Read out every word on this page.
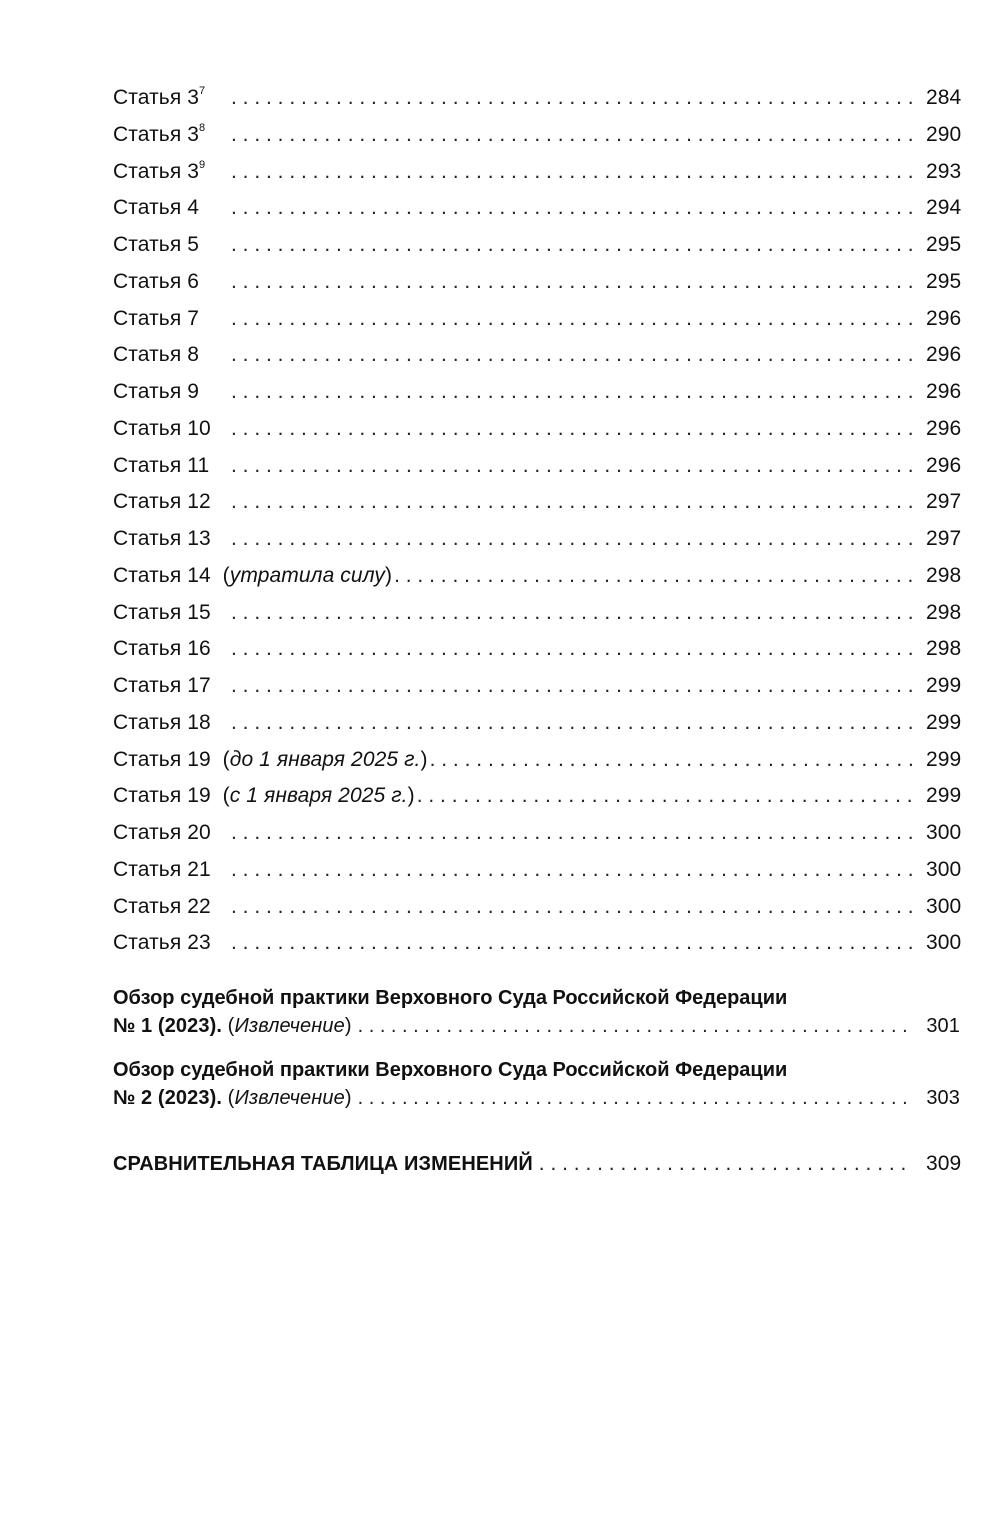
Статья $3^7$ . . .	284
Статья $3^8$ . . .	290
Статья $3^9$ . . .	293
Статья 4 . . .	294
Статья 5 . . .	295
Статья 6 . . .	295
Статья 7 . . .	296
Статья 8 . . .	296
Статья 9 . . .	296
Статья 10 . . .	296
Статья 11 . . .	296
Статья 12 . . .	297
Статья 13 . . .	297
Статья 14  (утратила силу) . . .	298
Статья 15 . . .	298
Статья 16 . . .	298
Статья 17 . . .	299
Статья 18 . . .	299
Статья 19  (до 1 января 2025 г.) . . .	299
Статья 19  (с 1 января 2025 г.) . . .	299
Статья 20 . . .	300
Статья 21 . . .	300
Статья 22 . . .	300
Статья 23 . . .	300
Обзор судебной практики Верховного Суда Российской Федерации
№ 1 (2023). (Извлечение) . . .	301
Обзор судебной практики Верховного Суда Российской Федерации
№ 2 (2023). (Извлечение) . . .	303
СРАВНИТЕЛЬНАЯ ТАБЛИЦА ИЗМЕНЕНИЙ . . .	309
